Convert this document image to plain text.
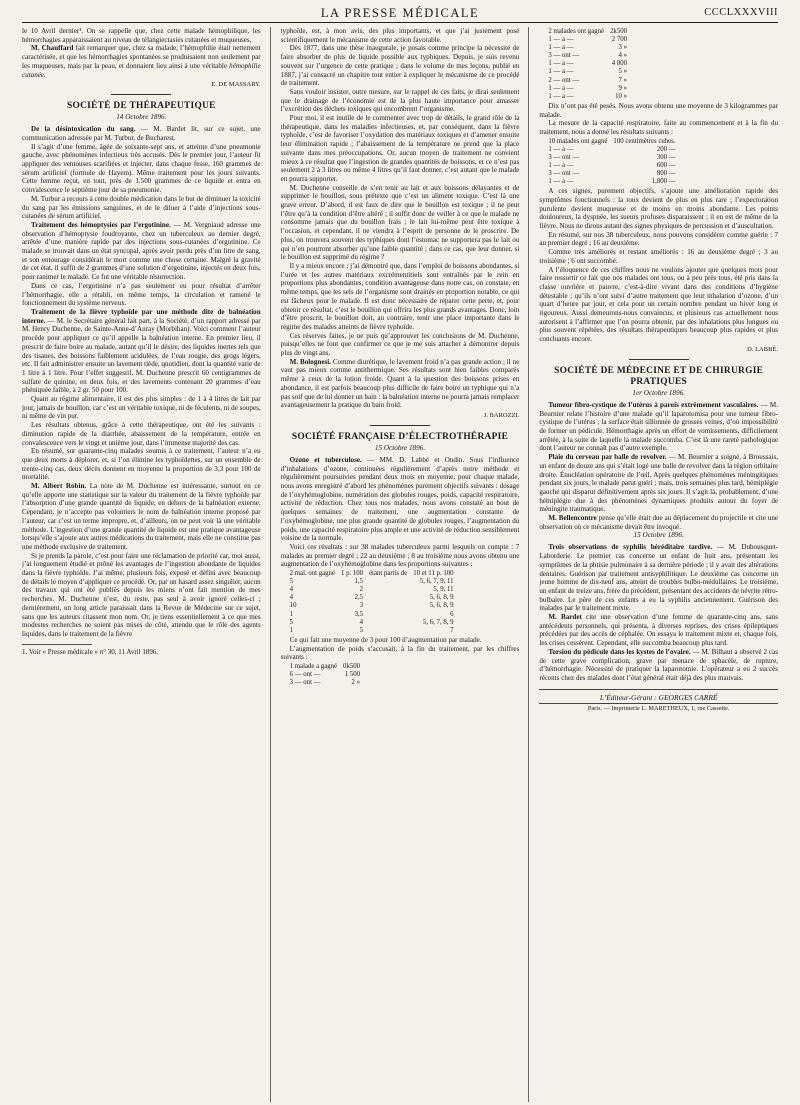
LA PRESSE MÉDICALE	CCCLXXXVIII

le 10 Avril dernier¹. On se rappelle que, chez cette malade hémophilique, les hémorrhagies apparaissaient au niveau de télangiectasies cutanées et muqueuses,

M. Chauffard fait remarquer que, chez sa malade, l’hémophilie était nettement caractérisée, et que les hémorrhagies spontanées se produisaient non seulement par les muqueuses, mais par la peau, et donnaient lieu ainsi à une véritable hémophilie cutanée.

E. DE MASSARY.
SOCIÉTÉ DE THÉRAPEUTIQUE
14 Octobre 1896.

De la désintoxication du sang. — M. Bardet lit, sur ce sujet, une communication adressée par M. Turbur, de Bucharest.

Il s’agit d’une femme, âgée de soixante-sept ans, et atteinte d’une pneumonie gauche, avec phénomènes infectieux très accusés. Dès le premier jour, l’auteur fit appliquer des ventouses scarifiées et injecter, dans chaque fesse, 160 grammes de sérum artificiel (formule de Hayem). Même traitement pour les jours suivants. Cette femme reçut, en tout, près de 1.500 grammes de ce liquide et entra en convalescence le septième jour de sa pneumonie.

M. Turbur a recours à cette double médication dans le but de diminuer la toxicité du sang par les émissions sanguines, et de le diluer à l’aide d’injections sous-cutanées de sérum artificiel.

Traitement des hémoptysies par l’ergotinine. — M. Vergniaud adresse une observation d’hémoptysie foudroyante, chez un tuberculeux au dernier degré, arrêtée d’une manière rapide par des injections sous-cutanées d’ergotinine. Ce malade se trouvait dans un état syncopal, après avoir perdu près d’un litre de sang, et son entourage considérait le mort comme une chose certaine. Malgré la gravité de cet état, il suffit de 2 grammes d’une solution d’ergotinine, injectés en deux fois, pour ranimer le malade. Ce fut une véritable résurrection.

Dans ce cas, l’ergotinine n’a pas seulement eu pour résultat d’arrêter l’hémorrhagie, elle a rétabli, en même temps, la circulation et ramené le fonctionnement du système nerveux.

Traitement de la fièvre typhoïde par une méthode dite de balnéation interne. — M. le Secrétaire général fait part, à la Société, d’un rapport adressé par M. Henry Duchenne, de Sainte-Anne-d’Auray (Morbihan). Voici comment l’auteur procède pour appliquer ce qu’il appelle la balnéation interne. En premier lieu, il prescrit de faire boire au malade, autant qu’il le désire, des liquides inertes tels que des tisanes, des boissons faiblement acidulées, de l’eau rougie, des grogs légers, etc. Il fait administrer ensuite un lavement tiède, quotidien, dont la quantité varie de 1 litre à 1 litre. Pour l’effet suggestif, M. Duchenne prescrit 60 centigrammes de sulfate de quinine, en deux fois, et des lavements contenant 20 grammes d’eau phéniquée faible, à 2 gr. 50 pour 100.

Quant au régime alimentaire, il est des plus simples : de 1 à 4 litres de lait par jour, jamais de bouillon, car c’est un véritable toxique, ni de féculents, ni de soupes, ni même de vin pur.

Les résultats obtenus, grâce à cette thérapeutique, ont été les suivants : diminution rapide de la diarrhée, abaissement de la température, entrée en convalescence vers le vingt et unième jour, dans l’immense majorité des cas.

En résumé, sur quarante-cinq malades soumis à ce traitement, l’auteur n’a eu que deux morts à déplorer, et, si l’on élimine les typhoïdettes, sur un ensemble de trente-cinq cas, deux décès donnent en moyenne la proportion de 3,3 pour 100 de mortalité.

M. Albert Robin. La note de M. Duchenne est intéressante, surtout en ce qu’elle apporte une statistique sur la valeur du traitement de la fièvre typhoïde par l’absorption d’une grande quantité de liquide, en dehors de la balnéation externe. Cependant, je n’accepte pas volontiers le nom de balnéation interne proposé par l’auteur, car c’est un terme impropre, et, d’ailleurs, on ne peut voir là une véritable méthode. L’ingestion d’une grande quantité de liquide est une pratique avantageuse lorsqu’elle s’ajoute aux autres médications du traitement, mais elle ne constitue pas une méthode exclusive de traitement.

Si je prends la parole, c’est pour faire une réclamation de priorité car, moi aussi, j’ai longuement étudié et prôné les avantages de l’ingestion abondante de liquides dans la fièvre typhoïde. J’ai même, plusieurs fois, exposé et défini avec beaucoup de détails le moyen d’appliquer ce procédé. Or, par un hasard assez singulier, aucun des travaux qui ont été publiés depuis les miens n’ont fait mention de mes recherches. M. Duchenne n’est, du reste, pas seul à avoir ignoré celles-ci ; dernièrement, un long article paraissait dans la Revue de Médecine sur ce sujet, sans que les auteurs citassent mon nom. Or, je tiens essentiellement à ce que mes modestes recherches ne soient pas mises de côté, attendu que le rôle des agents liquides, dans le traitement de la fièvre

1. Voir « Presse médicale » n° 30, 11 Avril 1896.

typhoïde, est, à mon avis, des plus importants, et que j’ai justement posé scientifiquement le mécanisme de cette action favorable.

Dès 1877, dans une thèse inaugurale, je posais comme principe la nécessité de faire absorber de plus de liquide possible aux typhiques. Depuis, je suis revenu souvent sur l’urgence de cette pratique ; dans le volume de mes leçons, publié en 1887, j’ai consacré un chapitre tout entier à expliquer le mécanisme de ce procédé de traitement.

Sans vouloir insister, outre mesure, sur le rappel de ces faits, je dirai seulement que le drainage de l’économie est de la plus haute importance pour amasser l’excrétion des déchets toxiques qui encombrent l’organisme.

Pour moi, il est inutile de le commenter avec trop de détails, le grand rôle de la thérapeutique, dans les maladies infectieuses, et, par conséquent, dans la fièvre typhoïde, c’est de favoriser l’oxydation des matériaux toxiques et d’amener ensuite leur élimination rapide ; l’abaissement de la température ne prend que la place suivante dans mes préoccupations. Or, aucun moyen de traitement ne convient mieux à ce résultat que l’ingestion de grandes quantités de boissons, et ce n’est pas seulement 2 à 3 litres ou même 4 litres qu’il faut donner, c’est autant que le malade en pourra supporter.

M. Duchenne conseille de s’en tenir au lait et aux boissons délayantes et de supprimer le bouillon, sous prétexte que c’est un aliment toxique. C’est là une grave erreur. D’abord, il est faux de dire que le bouillon est toxique ; il ne peut l’être qu’à la condition d’être altéré ; il suffit donc de veiller à ce que le malade ne consomme jamais que du bouillon frais ; le lait lui-même peut être toxique à l’occasion, et cependant, il ne viendra à l’esprit de personne de le proscrire. De plus, on trouvera souvent des typhiques dont l’estomac ne supportera pas le lait ou qui n’en pourront absorber qu’une faible quantité ; dans ce cas, que leur donner, si le bouillon est supprimé du régime ?

Il y a mieux encore ; j’ai démontré que, dans l’emploi de boissons abondantes, si l’urée et les autres matériaux excrémentitiels sont entraînés par le rein en proportions plus abondantes, condition avantageuse dans notre cas, on constate, en même temps, que les sels de l’organisme sont drainés en proportion notable, ce qui est fâcheux pour le malade. Il est donc nécessaire de réparer cette perte, et, pour obtenir ce résultat, c’est le bouillon qui offrira les plus grands avantages. Donc, loin d’être proscrit, le bouillon doit, au contraire, tenir une place importante dans le régime des malades atteints de fièvre typhoïde.

Ces réserves faites, je ne puis qu’approuver les conclusions de M. Duchenne, puisqu’elles ne font que confirmer ce que je me suis attacher à démontrer depuis plus de vingt ans.

M. Bolognesi. Comme diurétique, le lavement froid n’a pas grande action ; il ne vaut pas mieux comme antithermique. Ses résultats sont bien faibles comparés même à ceux de la lotion froide. Quant à la question des boissons prises en abondance, il est parfois beaucoup plus difficile de faire boire un typhique qui n’a pas soif que de lui donner un bain : la balnéation interne ne pourra jamais remplacer avantageusement la pratique du bain froid.

J. BAROZZI.
SOCIÉTÉ FRANÇAISE D’ÉLECTROTHÉRAPIE
15 Octobre 1896.

Ozone et tuberculose. — MM. D. Labbé et Oudin. Sous l’influence d’inhalations d’ozone, continuées régulièrement d’après notre méthode et régulièrement poursuivies pendant deux mois en moyenne, pour chaque malade, nous avons enregistré d’abord les phénomènes purement objectifs suivants : dosage de l’oxyhémoglobine, numération des globules rouges, poids, capacité respiratoire, activité de réduction. Chez tous nos malades, nous avons constaté au bout de quelques semaines de traitement, une augmentation constante de l’oxyhémoglobine, une plus grande quantité de globules rouges, l’augmentation du poids, une capacité respiratoire plus ample et une activité de réduction sensiblement voisine de la normale.

Voici ces résultats : sur 38 malades tuberculeux parmi lesquels on compte : 7 malades au premier degré ; 22 au deuxième ; 8 au troisième nous avons obtenu une augmentation de l’oxyhémoglobine dans les proportions suivantes :

2 mal. ont gagné	1 p. 100	étant partis de	10 et 11 p. 100
5	1,5		5, 6, 7, 9, 11
4	2		5, 9, 11
4	2,5		5, 6, 8, 9
10	3		5, 6, 8, 9
1	3,5		6
5	4		5, 6, 7, 8, 9
1	5		7

Ce qui fait une moyenne de 3 pour 100 d’augmentation par malade.

L’augmentation de poids s’accusait, à la fin du traitement, par les chiffres suivants :

1 malade a gagné	0k500
6 — ont —	1 500
3 — ont —	2 »
2 malades ont gagné	2k500
1 — a —	2 700
1 — a —	3 »
3 — ont —	4 »
1 — a —	4 800
1 — a —	5 »
2 — ont —	7 »
1 — a —	9 »
1 — a —	10 »

Dix n’ont pas été pesés. Nous avons obtenu une moyenne de 3 kilogrammes par malade.

La mesure de la capacité respiratoire, faite au commencement et à la fin du traitement, nous a donné les résultats suivants :

10 malades ont gagné	100 centimètres cubes.
1 — a —	200 —
3 — ont —	300 —
1 — a —	600 —
3 — ont —	800 —
1 — a —	1,800 —

A ces signes, purement objectifs, s’ajoute une amélioration rapide des symptômes fonctionnels : la toux devient de plus en plus rare ; l’expectoration purulente devient muqueuse et de moins en moins abondante. Les points douloureux, la dyspnée, les sueurs profuses disparaissent ; il en est de même de la fièvre. Nous ne dirons autant des signes physiques de percussion et d’auscultation.

En résumé, sur nos 38 tuberculeux, nous pouvons considérer comme guérie : 7 au premier degré ; 16 au deuxième.

Comme très améliorés et restant améliorés : 16 au deuxième degré ; 3 au troisième ; 6 ont succombé.

A l’éloquence de ces chiffres nous ne voulons ajouter que quelques mots pour faire ressortir ce fait que nos malades ont tous, ou à peu près tous, été pris dans la classe ouvrière et pauvre, c’est-à-dire vivant dans des conditions d’hygiène détestable ; qu’ils n’ont suivi d’autre traitement que leur inhalation d’ozone, d’un quart d’heure par jour, et cela pour un certain nombre pendant un hiver long et rigoureux. Aussi demeurons-nous convaincus, et plusieurs cas actuellement nous autorisent à l’affirmer que l’on pourra obtenir, par des inhalations plus longues ou plus souvent répétées, des résultats thérapeutiques beaucoup plus rapides et plus concluants encore.

D. LABBÉ.
SOCIÉTÉ DE MÉDECINE ET DE CHIRURGIE PRATIQUES
1er Octobre 1896.

Tumeur fibro-cystique de l’utérus à parois extrêmement vasculaires. — M. Beurnier relate l’histoire d’une malade qu’il laparotomisa pour une tumeur fibro-cystique de l’utérus ; la surface était sillonnée de grosses veines, d’où impossibilité de former un pédicule. Hémorrhagie après un effort de vomissements, difficilement arrêtée, à la suite de laquelle la malade succomba. C’est là une rareté pathologique dont l’auteur ne connaît pas d’autre exemple.

Plaie du cerveau par balle de revolver. — M. Beurnier a soigné, à Broussais, un enfant de douze ans qui s’était logé une balle de revolver dans la région orbitaire droite. Énucléation opératoire de l’œil. Après quelques phénomènes méningitiques pendant six jours, le malade parut guéri ; mais, trois semaines plus tard, hémiplégie gauche qui disparut définitivement après six jours. Il s’agit là, probablement, d’une hémiplégie due à des phénomènes dynamiques produits autour du foyer de méningite traumatique.

M. Bellencontre pense qu’elle était due au déplacement du projectile et cite une observation où ce mécanisme devait être invoqué.

15 Octobre 1896.

Trois observations de syphilis héréditaire tardive. — M. Dubousquet-Laborderie. Le premier cas concerne un enfant de huit ans, présentant les symptômes de la phtisie pulmonaire à sa dernière période ; il y avait des altérations dentaires. Guérison par traitement antisyphilitique. Le deuxième cas concerne un jeune homme de dix-neuf ans, atteint de troubles bulbo-médullaires. Le troisième, un enfant de treize ans, frère du précédent, présentant des accidents de névrite rétro-bulbaire. Le père de ces enfants a eu la syphilis anciennement. Guérison des malades par le traitement mixte.

M. Bardet cite une observation d’une femme de quarante-cinq ans, sans antécédents personnels, qui présenta, à diverses reprises, des crises épileptiques précédées par des accès de céphalée. On essaya le traitement mixte et, chaque fois, les crises cessèrent. Cependant, elle succomba beaucoup plus tard.

Torsion du pédicule dans les kystes de l’ovaire. — M. Bilhaut a observé 2 cas de cette grave complication, grave par menace de sphacèle, de rupture, d’hémorrhagie. Nécessité de pratiquer la laparotomie. L’opérateur a eu 2 succès récents chez des malades dont l’état général était déjà des plus mauvais.

L’Éditeur-Gérant : GEORGES CARRÉ
Paris. — Imprimerie L. MARETHEUX, 1, rue Cassette.
